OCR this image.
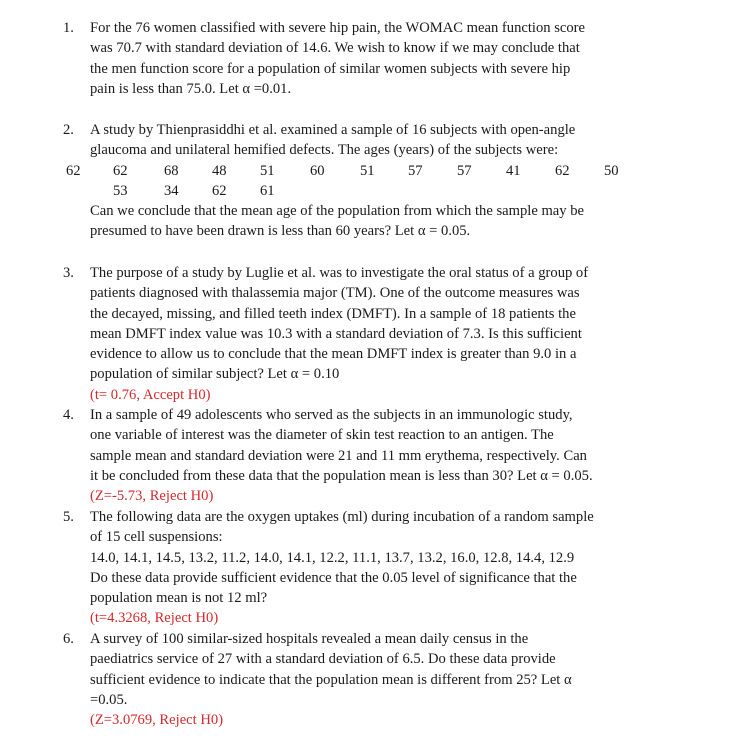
1.	For the 76 women classified with severe hip pain, the WOMAC mean function score
was 70.7 with standard deviation of 14.6. We wish to know if we may conclude that
the men function score for a population of similar women subjects with severe hip
pain is less than 75.0. Let α =0.01.
2.	A study by Thienprasiddhi et al. examined a sample of 16 subjects with open-angle
glaucoma and unilateral hemified defects. The ages (years) of the subjects were:
62 62 68 48 51 60 51 57 57 41 62 50
53 34 62 61
Can we conclude that the mean age of the population from which the sample may be
presumed to have been drawn is less than 60 years? Let α = 0.05.
3.	The purpose of a study by Luglie et al. was to investigate the oral status of a group of
patients diagnosed with thalassemia major (TM). One of the outcome measures was
the decayed, missing, and filled teeth index (DMFT). In a sample of 18 patients the
mean DMFT index value was 10.3 with a standard deviation of 7.3. Is this sufficient
evidence to allow us to conclude that the mean DMFT index is greater than 9.0 in a
population of similar subject? Let α = 0.10
(t= 0.76, Accept H0)
4.	In a sample of 49 adolescents who served as the subjects in an immunologic study,
one variable of interest was the diameter of skin test reaction to an antigen. The
sample mean and standard deviation were 21 and 11 mm erythema, respectively. Can
it be concluded from these data that the population mean is less than 30? Let α = 0.05.
(Z=-5.73, Reject H0)
5.	The following data are the oxygen uptakes (ml) during incubation of a random sample
of 15 cell suspensions:
14.0, 14.1, 14.5, 13.2, 11.2, 14.0, 14.1, 12.2, 11.1, 13.7, 13.2, 16.0, 12.8, 14.4, 12.9
Do these data provide sufficient evidence that the 0.05 level of significance that the
population mean is not 12 ml?
(t=4.3268, Reject H0)
6.	A survey of 100 similar-sized hospitals revealed a mean daily census in the
paediatrics service of 27 with a standard deviation of 6.5. Do these data provide
sufficient evidence to indicate that the population mean is different from 25? Let α
=0.05.
(Z=3.0769, Reject H0)
